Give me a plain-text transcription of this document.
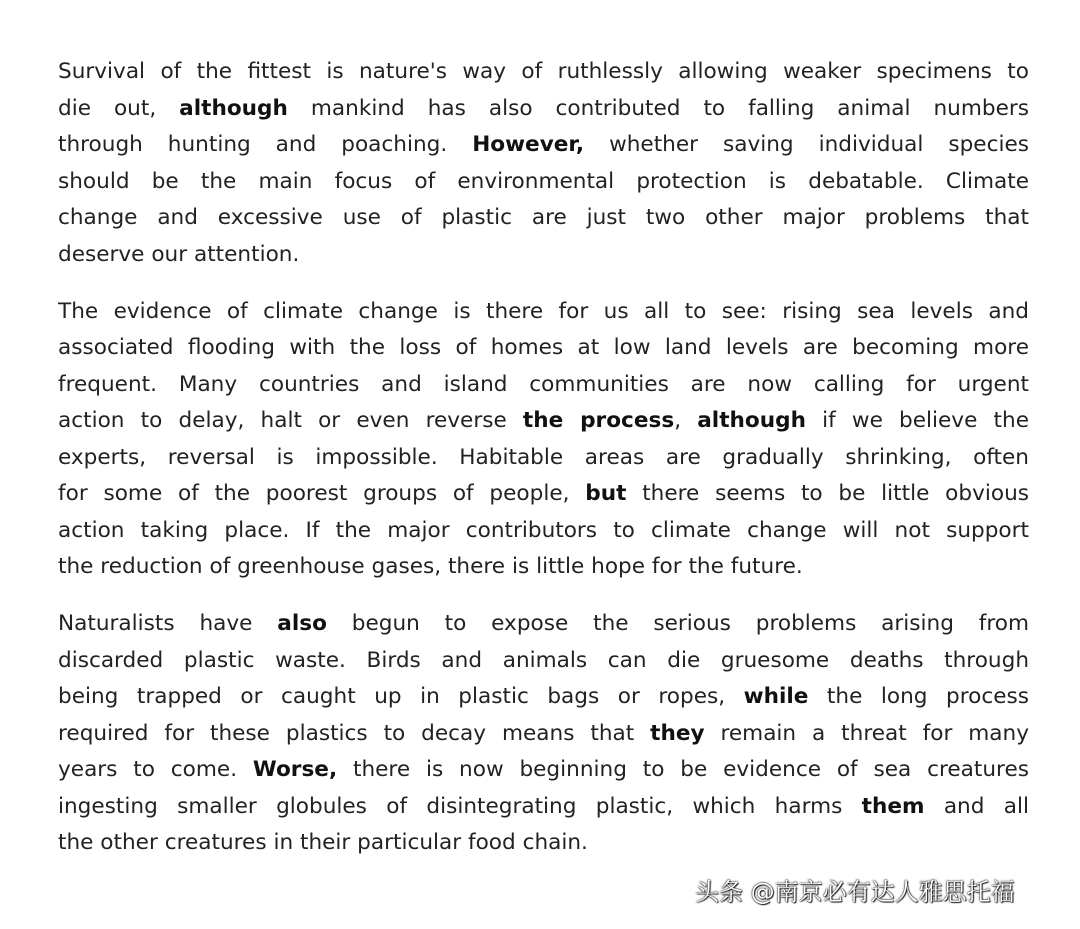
Survival of the fittest is nature's way of ruthlessly allowing weaker specimens to
die out, although mankind has also contributed to falling animal numbers
through hunting and poaching. However, whether saving individual species
should be the main focus of environmental protection is debatable. Climate
change and excessive use of plastic are just two other major problems that
deserve our attention.
The evidence of climate change is there for us all to see: rising sea levels and
associated flooding with the loss of homes at low land levels are becoming more
frequent. Many countries and island communities are now calling for urgent
action to delay, halt or even reverse the process, although if we believe the
experts, reversal is impossible. Habitable areas are gradually shrinking, often
for some of the poorest groups of people, but there seems to be little obvious
action taking place. If the major contributors to climate change will not support
the reduction of greenhouse gases, there is little hope for the future.
Naturalists have also begun to expose the serious problems arising from
discarded plastic waste. Birds and animals can die gruesome deaths through
being trapped or caught up in plastic bags or ropes, while the long process
required for these plastics to decay means that they remain a threat for many
years to come. Worse, there is now beginning to be evidence of sea creatures
ingesting smaller globules of disintegrating plastic, which harms them and all
the other creatures in their particular food chain.
头条 @南京必有达人雅思托福
